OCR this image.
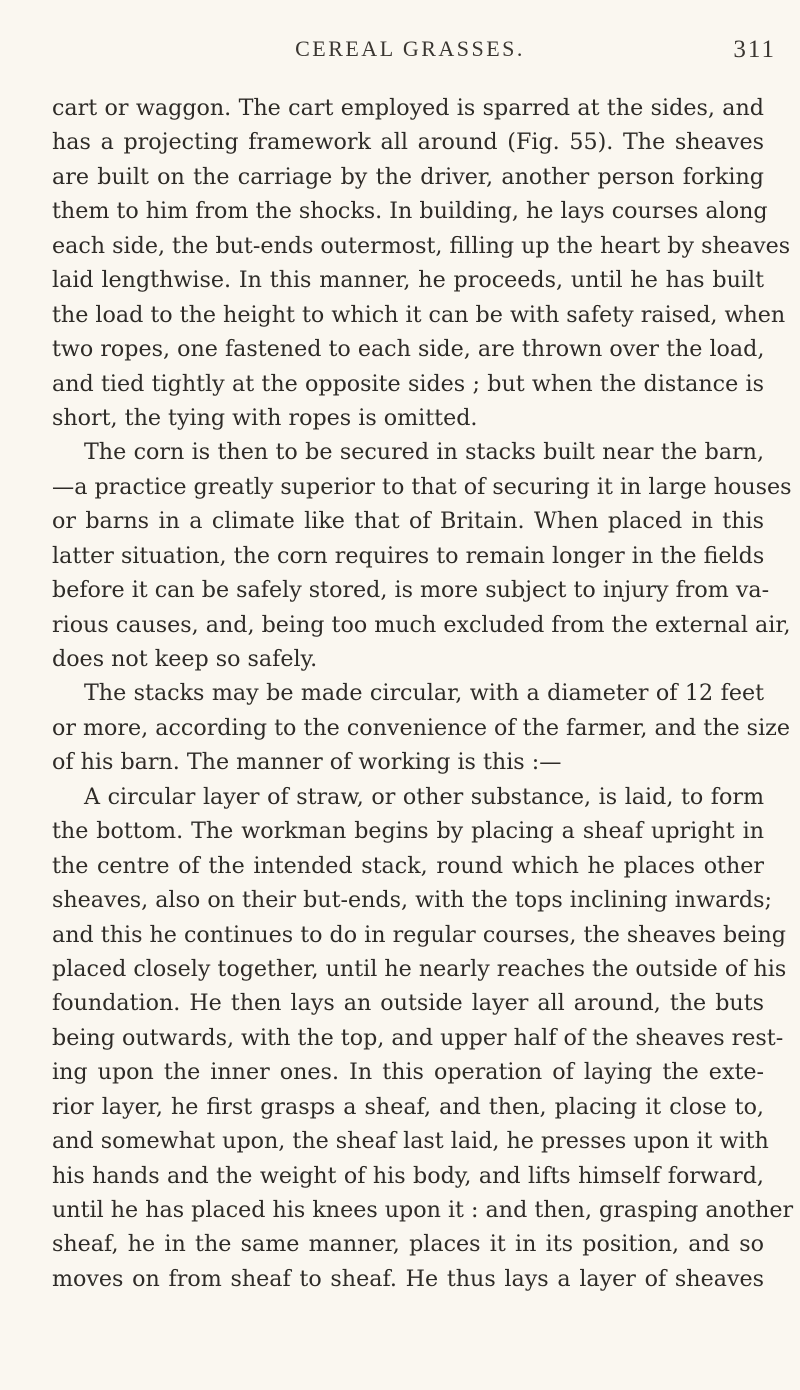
CEREAL GRASSES.	311
cart or waggon. The cart employed is sparred at the sides, and
has a projecting framework all around (Fig. 55). The sheaves
are built on the carriage by the driver, another person forking
them to him from the shocks. In building, he lays courses along
each side, the but-ends outermost, filling up the heart by sheaves
laid lengthwise. In this manner, he proceeds, until he has built
the load to the height to which it can be with safety raised, when
two ropes, one fastened to each side, are thrown over the load,
and tied tightly at the opposite sides ; but when the distance is
short, the tying with ropes is omitted.
The corn is then to be secured in stacks built near the barn,
—a practice greatly superior to that of securing it in large houses
or barns in a climate like that of Britain. When placed in this
latter situation, the corn requires to remain longer in the fields
before it can be safely stored, is more subject to injury from va-
rious causes, and, being too much excluded from the external air,
does not keep so safely.
The stacks may be made circular, with a diameter of 12 feet
or more, according to the convenience of the farmer, and the size
of his barn. The manner of working is this :—
A circular layer of straw, or other substance, is laid, to form
the bottom. The workman begins by placing a sheaf upright in
the centre of the intended stack, round which he places other
sheaves, also on their but-ends, with the tops inclining inwards;
and this he continues to do in regular courses, the sheaves being
placed closely together, until he nearly reaches the outside of his
foundation. He then lays an outside layer all around, the buts
being outwards, with the top, and upper half of the sheaves rest-
ing upon the inner ones. In this operation of laying the exte-
rior layer, he first grasps a sheaf, and then, placing it close to,
and somewhat upon, the sheaf last laid, he presses upon it with
his hands and the weight of his body, and lifts himself forward,
until he has placed his knees upon it : and then, grasping another
sheaf, he in the same manner, places it in its position, and so
moves on from sheaf to sheaf. He thus lays a layer of sheaves
